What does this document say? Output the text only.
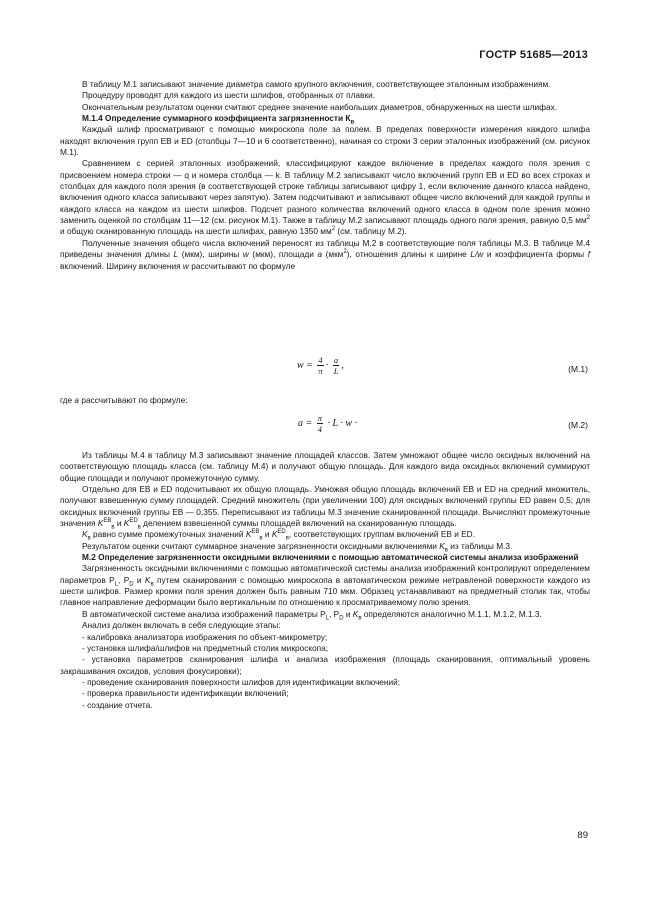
ГОСТР 51685—2013

В таблицу М.1 записывают значение диаметра самого крупного включения, соответствующее эталонным изображениям.

Процедуру проводят для каждого из шести шлифов, отобранных от плавки.

Окончательным результатом оценки считают среднее значение наибольших диаметров, обнаруженных на шести шлифах.

М.1.4 Определение суммарного коэффициента загрязненности $К_в$

Каждый шлиф просматривают с помощью микроскопа поле за полем. В пределах поверхности измерения каждого шлифа находят включения групп ЕВ и ЕD (столбцы 7—10 и 6 соответственно), начиная со строки 3 серии эталонных изображений (см. рисунок М.1).

Сравнением с серией эталонных изображений, классифицируют каждое включение в пределах каждого поля зрения с присвоением номера строки — q и номера столбца — k. В таблицу М.2 записывают число включений групп ЕВ и ЕD во всех строках и столбцах для каждого поля зрения (в соответствующей строке таблицы записывают цифру 1, если включение данного класса найдено, включения одного класса записывают через запятую). Затем подсчитывают и записывают общее число включений для каждой группы и каждого класса на каждом из шести шлифов. Подсчет разного количества включений одного класса в одном поле зрения можно заменить оценкой по столбцам 11—12 (см. рисунок М.1). Также в таблицу М.2 записывают площадь одного поля зрения, равную 0,5 $мм^2$ и общую сканированную площадь на шести шлифах, равную 1350 $мм^2$ (см. таблицу М.2).

Полученные значения общего числа включений переносят из таблицы М.2 в соответствующие поля таблицы М.3. В таблице М.4 приведены значения длины L (мкм), ширины w (мкм), площади а (мкм$^2$), отношения длины к ширине L/w и коэффициента формы f включений. Ширину включения w рассчитывают по формуле

$w = \frac{4}{\pi} \cdot \frac{a}{L}$ ,	(М.1)
где а рассчитывают по формуле:
$a = \frac{\pi}{4} \cdot L \cdot w$ ·	(М.2)

Из таблицы М.4 в таблицу М.3 записывают значение площадей классов. Затем умножают общее число оксидных включений на соответствующую площадь класса (см. таблицу М.4) и получают общую площадь. Для каждого вида оксидных включений суммируют общие площади и получают промежуточную сумму.

Отдельно для ЕВ и ЕD подсчитывают их общую площадь. Умножая общую площадь включений ЕВ и ЕD на средний множитель, получают взвешенную сумму площадей. Средний множитель (при увеличении 100) для оксидных включений группы ЕD равен 0,5; для оксидных включений группы ЕВ — 0,355. Переписывают из таблицы М.3 значение сканированной площади. Вычисляют промежуточные значения $K^{ЕВ}_в$ и $K^{ЕD}_в$ делением взвешенной суммы площадей включений на сканированную площадь.

$K_в$ равно сумме промежуточных значений $K^{ЕВ}_в$ и $K^{ЕD}_в$, соответствующих группам включений ЕВ и ЕD.

Результатом оценки считают суммарное значение загрязненности оксидными включениями $K_в$ из таблицы М.3.

М.2 Определение загрязненности оксидными включениями с помощью автоматической системы анализа изображений

Загрязненность оксидными включениями с помощью автоматической системы анализа изображений контролируют определением параметров $Р_L$, $Р_D$ и $K_в$ путем сканирования с помощью микроскопа в автоматическом режиме нетравленой поверхности каждого из шести шлифов. Размер кромки поля зрения должен быть равным 710 мкм. Образец устанавливают на предметный столик так, чтобы главное направление деформации было вертикальным по отношению к просматриваемому полю зрения.

В автоматической системе анализа изображений параметры $Р_L$, $Р_D$ и $K_в$ определяются аналогично М.1.1, М.1.2, М.1.3.

Анализ должен включать в себя следующие этапы:

- калибровка анализатора изображения по объект-микрометру;

- установка шлифа/шлифов на предметный столик микроскопа;

- установка параметров сканирования шлифа и анализа изображения (площадь сканирования, оптимальный уровень закрашивания оксидов, условия фокусировки);

- проведение сканирования поверхности шлифов для идентификации включений;

- проверка правильности идентификации включений;

- создание отчета.

89
